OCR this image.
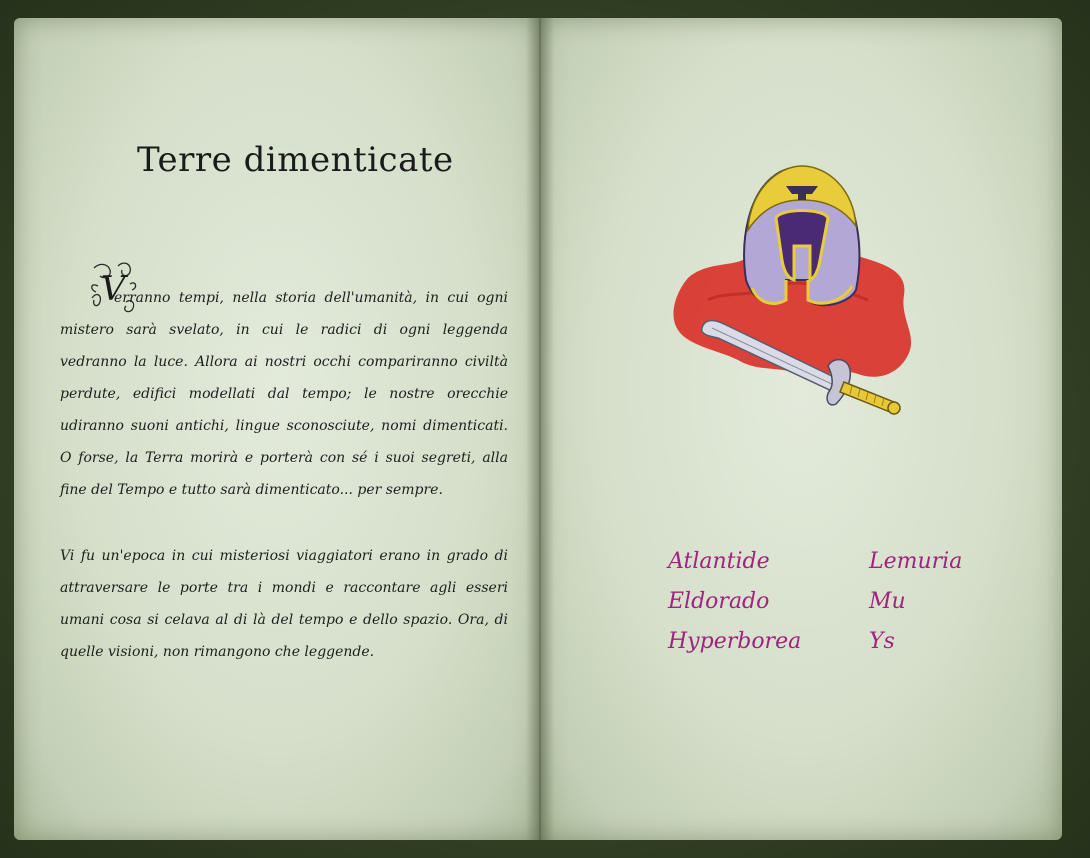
Terre dimenticate
V
erranno tempi, nella storia dell'umanità, in cui ogni mistero sarà svelato, in cui le radici di ogni leggenda vedranno la luce. Allora ai nostri occhi compariranno civiltà perdute, edifici modellati dal tempo; le nostre orecchie udiranno suoni antichi, lingue sconosciute, nomi dimenticati. O forse, la Terra morirà e porterà con sé i suoi segreti, alla fine del Tempo e tutto sarà dimenticato... per sempre.
Vi fu un'epoca in cui misteriosi viaggiatori erano in grado di attraversare le porte tra i mondi e raccontare agli esseri umani cosa si celava al di là del tempo e dello spazio. Ora, di quelle visioni, non rimangono che leggende.
Atlantide
Eldorado
Hyperborea
Lemuria
Mu
Ys
